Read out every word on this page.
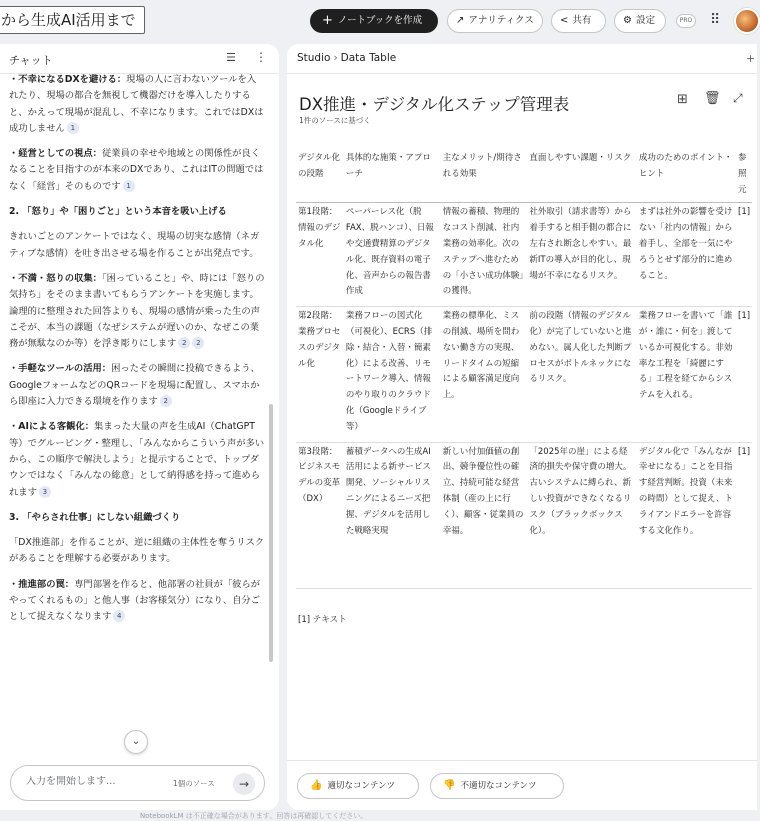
から生成AI活用まで	+ ノートブックを作成	↗ アナリティクス	< 共有	⚙ 設定	PRO ⠿
チャット	☰ ⋮
・不幸になるDXを避ける：現場の人に言わないツールを入れたり、現場の都合を無視して機器だけを導入したりすると、かえって現場が混乱し、不幸になります。これではDXは成功しません 1
・経営としての視点：従業員の幸せや地域との関係性が良くなることを目指すのが本来のDXであり、これはITの問題ではなく「経営」そのものです 1
2. 「怒り」や「困りごと」という本音を吸い上げる
きれいごとのアンケートではなく、現場の切実な感情（ネガティブな感情）を吐き出させる場を作ることが出発点です。
・不満・怒りの収集：「困っていること」や、時には「怒りの気持ち」をそのまま書いてもらうアンケートを実施します。論理的に整理された回答よりも、現場の感情が乗った生の声こそが、本当の課題（なぜシステムが遅いのか、なぜこの業務が無駄なのか等）を浮き彫りにします 2 2
・手軽なツールの活用：困ったその瞬間に投稿できるよう、GoogleフォームなどのQRコードを現場に配置し、スマホから即座に入力できる環境を作ります 2
・AIによる客観化：集まった大量の声を生成AI（ChatGPT等）でグルーピング・整理し、「みんなからこういう声が多いから、この順序で解決しよう」と提示することで、トップダウンではなく「みんなの総意」として納得感を持って進められます 3
3. 「やらされ仕事」にしない組織づくり
「DX推進部」を作ることが、逆に組織の主体性を奪うリスクがあることを理解する必要があります。
・推進部の罠：専門部署を作ると、他部署の社員が「彼らがやってくれるもの」と他人事（お客様気分）になり、自分ごとして捉えなくなります 4
⌄
入力を開始します...
1個のソース	→
Studio › Data Table	+
DX推進・デジタル化ステップ管理表
1件のソースに基づく
⊞ 🗑 ⤢
デジタル化の段階	具体的な施策・アプローチ	主なメリット/期待される効果	直面しやすい課題・リスク	成功のためのポイント・ヒント	参照元
第1段階：情報のデジタル化	ペーパーレス化（脱FAX、脱ハンコ）、日報や交通費精算のデジタル化、既存資料の電子化、音声からの報告書作成	情報の蓄積、物理的なコスト削減、社内業務の効率化。次のステップへ進むための「小さい成功体験」の獲得。	社外取引（請求書等）から着手すると相手側の都合に左右され断念しやすい。最新ITの導入が目的化し、現場が不幸になるリスク。	まずは社外の影響を受けない「社内の情報」から着手し、全部を一気にやろうとせず部分的に進めること。	[1]
第2段階：業務プロセスのデジタル化	業務フローの図式化（可視化）、ECRS（排除・結合・入替・簡素化）による改善、リモートワーク導入、情報のやり取りのクラウド化（Googleドライブ等）	業務の標準化、ミスの削減、場所を問わない働き方の実現、リードタイムの短縮による顧客満足度向上。	前の段階（情報のデジタル化）が完了していないと進めない。属人化した判断プロセスがボトルネックになるリスク。	業務フローを書いて「誰が・誰に・何を」渡しているか可視化する。非効率な工程を「綺麗にする」工程を経てからシステムを入れる。	[1]
第3段階：ビジネスモデルの変革（DX）	蓄積データへの生成AI活用による新サービス開発、ソーシャルリスニングによるニーズ把握、デジタルを活用した戦略実現	新しい付加価値の創出、競争優位性の確立、持続可能な経営体制（産の上に行く）、顧客・従業員の幸福。	「2025年の崖」による経済的損失や保守費の増大。古いシステムに縛られ、新しい投資ができなくなるリスク（ブラックボックス化）。	デジタル化で「みんなが幸せになる」ことを目指す経営判断。投資（未来の時間）として捉え、トライアンドエラーを許容する文化作り。	[1]
[1] テキスト
👍 適切なコンテンツ	👎 不適切なコンテンツ
NotebookLM は不正確な場合があります。回答は再確認してください。
